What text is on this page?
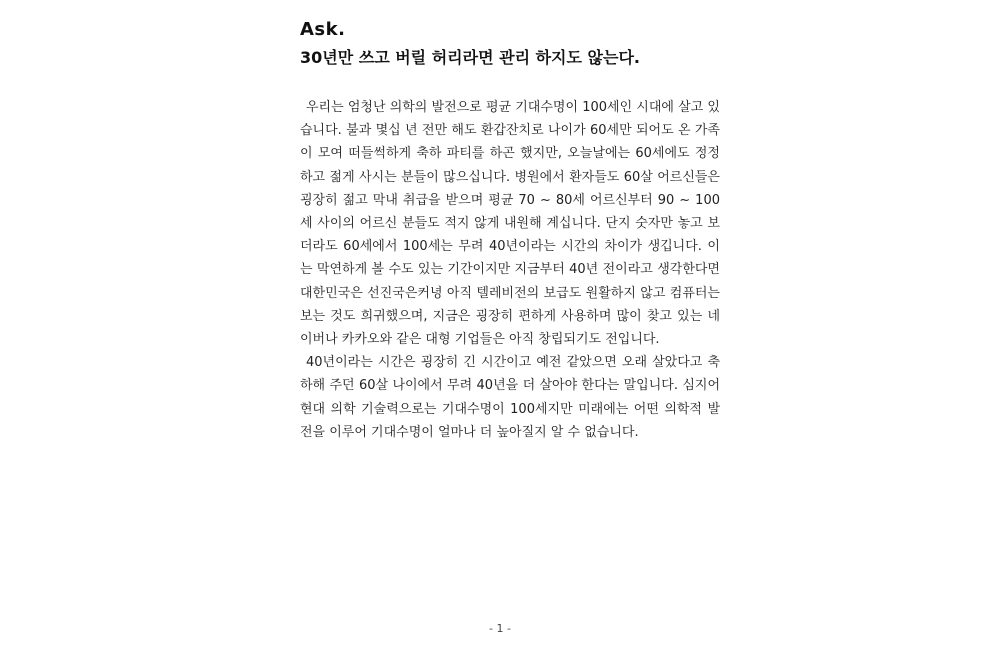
Ask.
30년만 쓰고 버릴 허리라면 관리 하지도 않는다.

우리는 엄청난 의학의 발전으로 평균 기대수명이 100세인 시대에 살고 있습니다. 불과 몇십 년 전만 해도 환갑잔치로 나이가 60세만 되어도 온 가족이 모여 떠들썩하게 축하 파티를 하곤 했지만, 오늘날에는 60세에도 정정하고 젊게 사시는 분들이 많으십니다. 병원에서 환자들도 60살 어르신들은 굉장히 젊고 막내 취급을 받으며 평균 70 ~ 80세 어르신부터 90 ~ 100세 사이의 어르신 분들도 적지 않게 내원해 계십니다. 단지 숫자만 놓고 보더라도 60세에서 100세는 무려 40년이라는 시간의 차이가 생깁니다. 이는 막연하게 볼 수도 있는 기간이지만 지금부터 40년 전이라고 생각한다면 대한민국은 선진국은커녕 아직 텔레비전의 보급도 원활하지 않고 컴퓨터는 보는 것도 희귀했으며, 지금은 굉장히 편하게 사용하며 많이 찾고 있는 네이버나 카카오와 같은 대형 기업들은 아직 창립되기도 전입니다.

40년이라는 시간은 굉장히 긴 시간이고 예전 같았으면 오래 살았다고 축하해 주던 60살 나이에서 무려 40년을 더 살아야 한다는 말입니다. 심지어 현대 의학 기술력으로는 기대수명이 100세지만 미래에는 어떤 의학적 발전을 이루어 기대수명이 얼마나 더 높아질지 알 수 없습니다.

- 1 -
